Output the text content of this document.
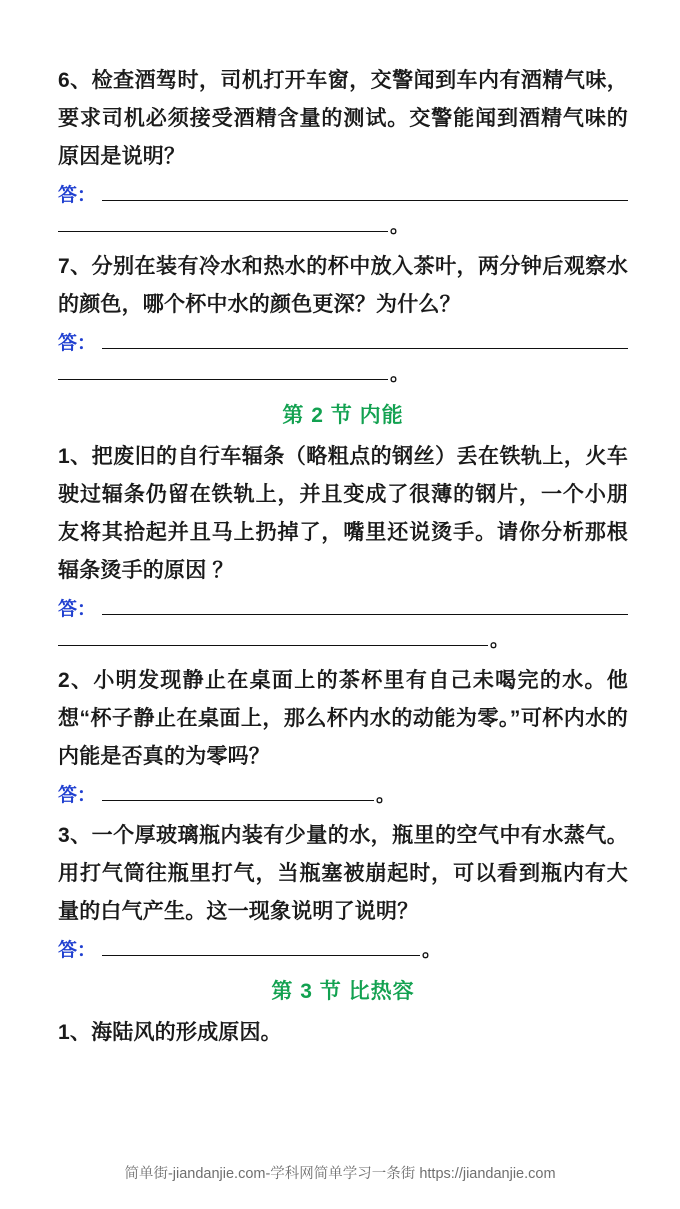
6、检查酒驾时，司机打开车窗，交警闻到车内有酒精气味，要求司机必须接受酒精含量的测试。交警能闻到酒精气味的原因是说明？
答：
。
7、分别在装有冷水和热水的杯中放入茶叶，两分钟后观察水的颜色，哪个杯中水的颜色更深？为什么？
答：
。
第 2 节 内能
1、把废旧的自行车辐条（略粗点的钢丝）丢在铁轨上，火车驶过辐条仍留在铁轨上，并且变成了很薄的钢片，一个小朋友将其拾起并且马上扔掉了，嘴里还说烫手。请你分析那根辐条烫手的原因 ？
答：
。
2、小明发现静止在桌面上的茶杯里有自己未喝完的水。他想“杯子静止在桌面上，那么杯内水的动能为零。”可杯内水的内能是否真的为零吗？
答：	。
3、一个厚玻璃瓶内装有少量的水，瓶里的空气中有水蒸气。用打气筒往瓶里打气，当瓶塞被崩起时，可以看到瓶内有大量的白气产生。这一现象说明了说明？
答：	。
第 3 节 比热容
1、海陆风的形成原因。
简单街-jiandanjie.com-学科网简单学习一条街 https://jiandanjie.com
